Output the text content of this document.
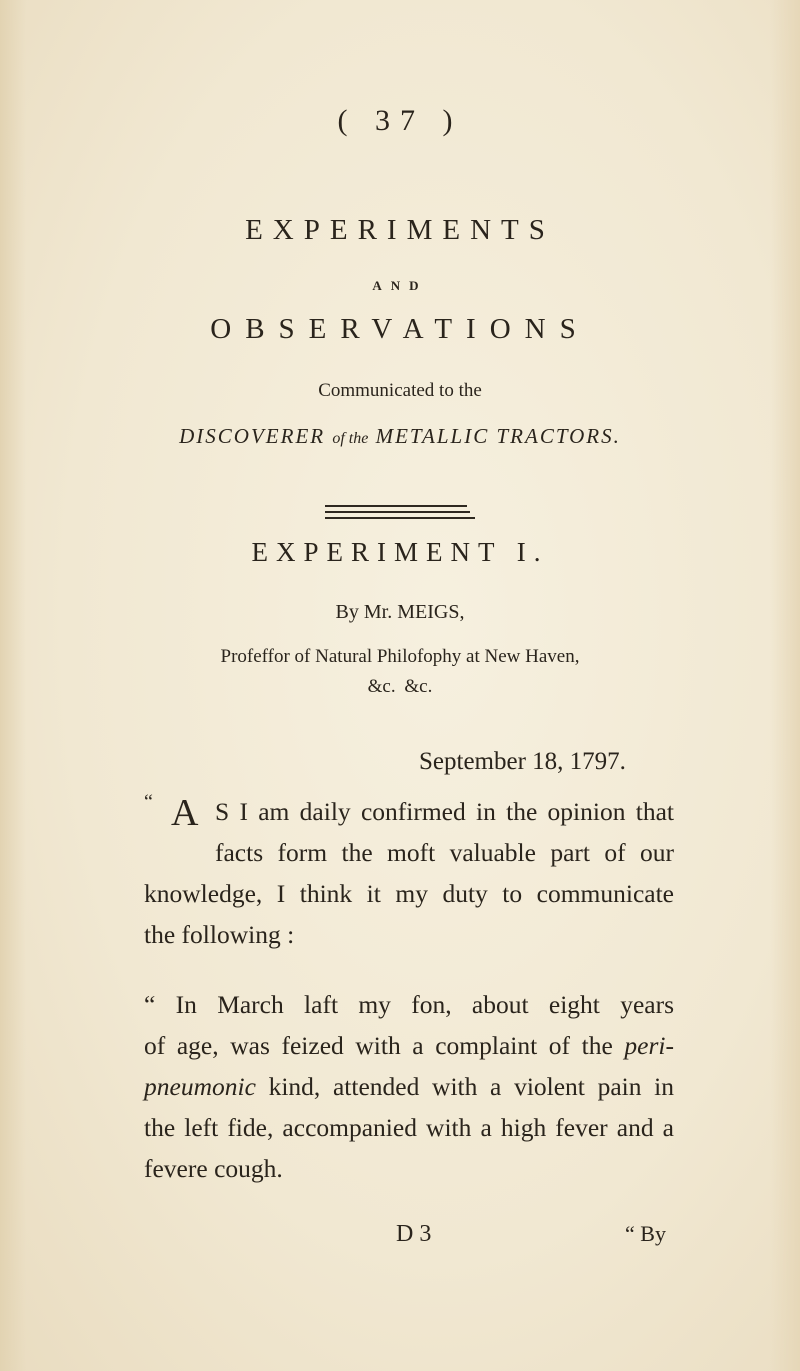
( 37 )
EXPERIMENTS
AND
OBSERVATIONS
Communicated to the
DISCOVERER of the METALLIC TRACTORS.
EXPERIMENT I.
By Mr. MEIGS,
Profeffor of Natural Philofophy at New Haven,
&c. &c.
September 18, 1797.
“ A S I am daily confirmed in the opinion that
facts form the moft valuable part of our
knowledge, I think it my duty to communicate
the following :
“ In March laft my fon, about eight years
of age, was feized with a complaint of the peri-
pneumonic kind, attended with a violent pain in
the left fide, accompanied with a high fever and a
fevere cough.
D 3	“ By
